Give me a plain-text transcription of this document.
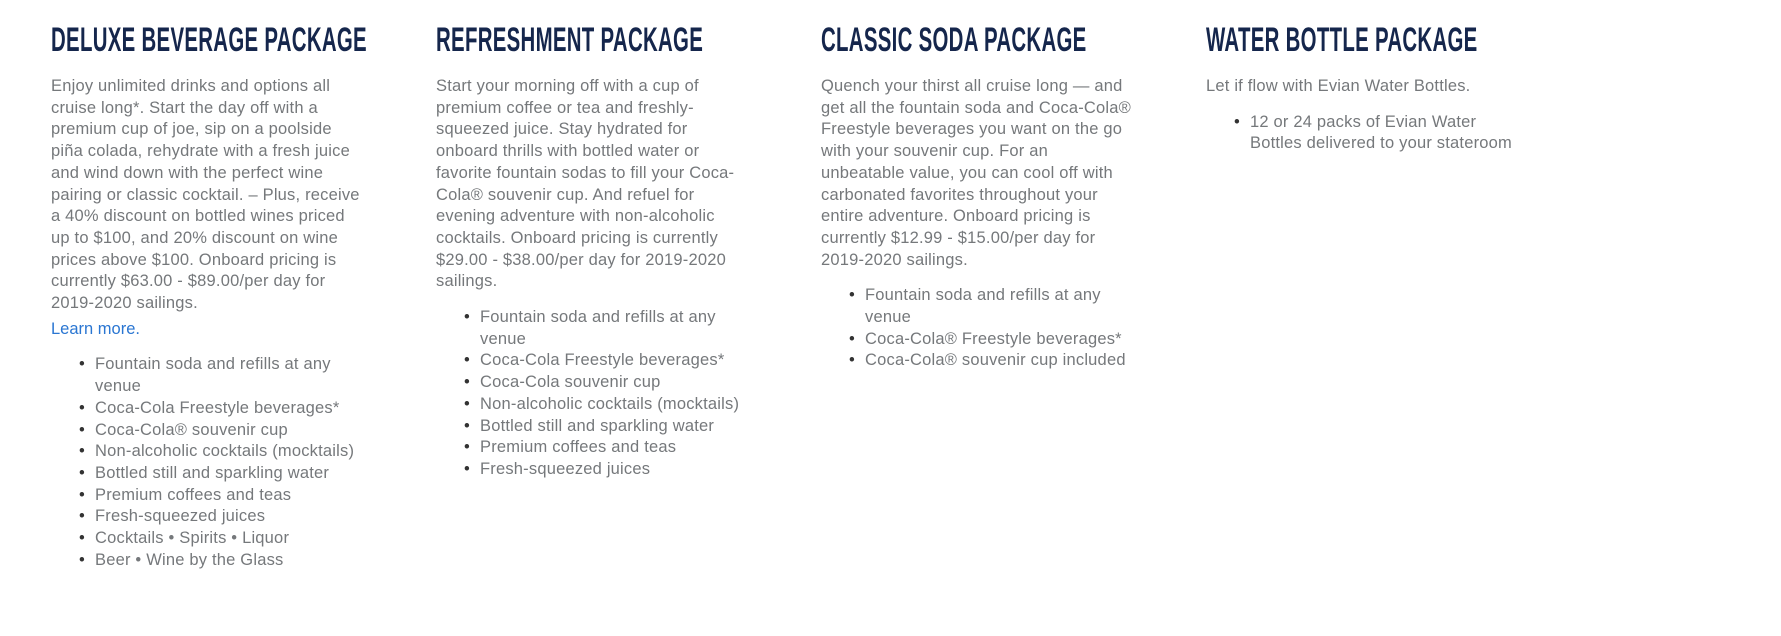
DELUXE BEVERAGE PACKAGE

Enjoy unlimited drinks and options all cruise long*. Start the day off with a premium cup of joe, sip on a poolside piña colada, rehydrate with a fresh juice and wind down with the perfect wine pairing or classic cocktail. – Plus, receive a 40% discount on bottled wines priced up to $100, and 20% discount on wine prices above $100. Onboard pricing is currently $63.00 - $89.00/per day for 2019-2020 sailings.

Learn more.
• Fountain soda and refills at any venue
• Coca-Cola Freestyle beverages*
• Coca-Cola® souvenir cup
• Non-alcoholic cocktails (mocktails)
• Bottled still and sparkling water
• Premium coffees and teas
• Fresh-squeezed juices
• Cocktails • Spirits • Liquor
• Beer • Wine by the Glass
REFRESHMENT PACKAGE

Start your morning off with a cup of premium coffee or tea and freshly-squeezed juice. Stay hydrated for onboard thrills with bottled water or favorite fountain sodas to fill your Coca-Cola® souvenir cup. And refuel for evening adventure with non-alcoholic cocktails. Onboard pricing is currently $29.00 - $38.00/per day for 2019-2020 sailings.

• Fountain soda and refills at any venue
• Coca-Cola Freestyle beverages*
• Coca-Cola souvenir cup
• Non-alcoholic cocktails (mocktails)
• Bottled still and sparkling water
• Premium coffees and teas
• Fresh-squeezed juices
CLASSIC SODA PACKAGE

Quench your thirst all cruise long — and get all the fountain soda and Coca-Cola® Freestyle beverages you want on the go with your souvenir cup. For an unbeatable value, you can cool off with carbonated favorites throughout your entire adventure. Onboard pricing is currently $12.99 - $15.00/per day for 2019-2020 sailings.

• Fountain soda and refills at any venue
• Coca-Cola® Freestyle beverages*
• Coca-Cola® souvenir cup included
WATER BOTTLE PACKAGE

Let if flow with Evian Water Bottles.

• 12 or 24 packs of Evian Water Bottles delivered to your stateroom
